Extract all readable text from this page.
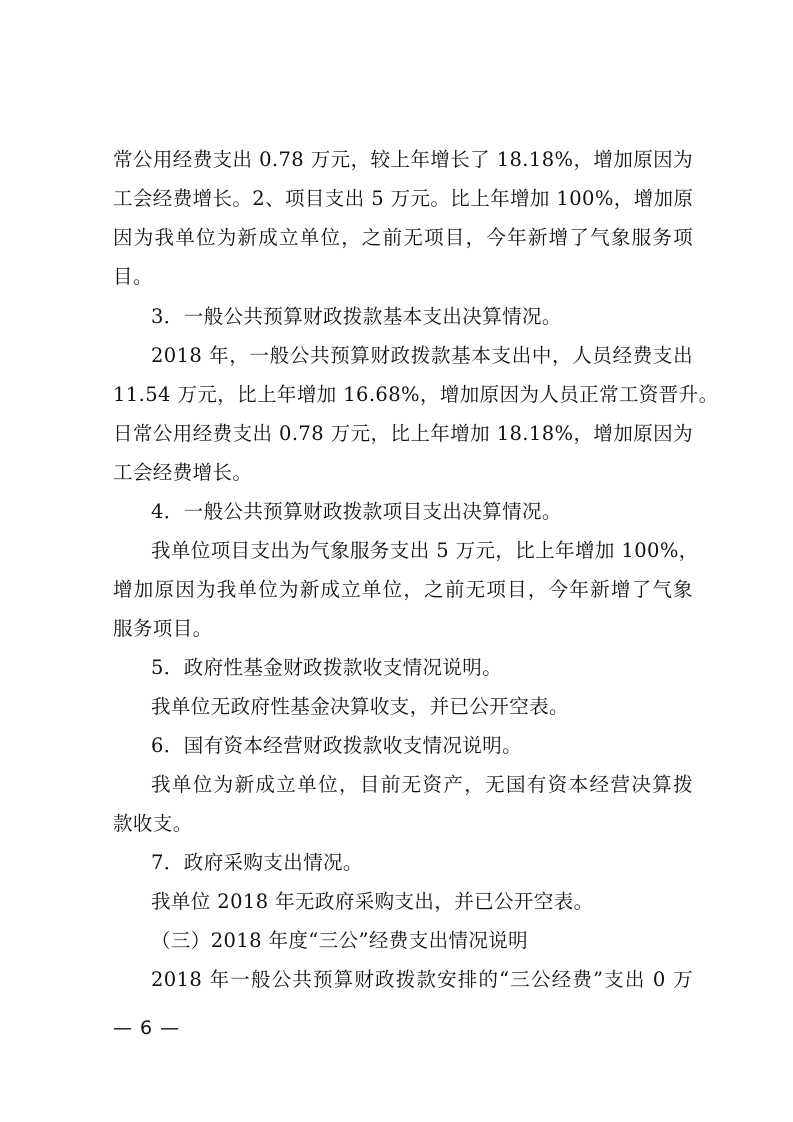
常公用经费支出 0.78 万元，较上年增长了 18.18%，增加原因为
工会经费增长。2、项目支出 5 万元。比上年增加 100%，增加原
因为我单位为新成立单位，之前无项目，今年新增了气象服务项
目。
3．一般公共预算财政拨款基本支出决算情况。
2018 年，一般公共预算财政拨款基本支出中，人员经费支出
11.54 万元，比上年增加 16.68%，增加原因为人员正常工资晋升。
日常公用经费支出 0.78 万元，比上年增加 18.18%，增加原因为
工会经费增长。
4．一般公共预算财政拨款项目支出决算情况。
我单位项目支出为气象服务支出 5 万元，比上年增加 100%，
增加原因为我单位为新成立单位，之前无项目，今年新增了气象
服务项目。
5．政府性基金财政拨款收支情况说明。
我单位无政府性基金决算收支，并已公开空表。
6．国有资本经营财政拨款收支情况说明。
我单位为新成立单位，目前无资产，无国有资本经营决算拨
款收支。
7．政府采购支出情况。
我单位 2018 年无政府采购支出，并已公开空表。
（三）2018 年度“三公”经费支出情况说明
2018 年一般公共预算财政拨款安排的“三公经费”支出 0 万
— 6 —
